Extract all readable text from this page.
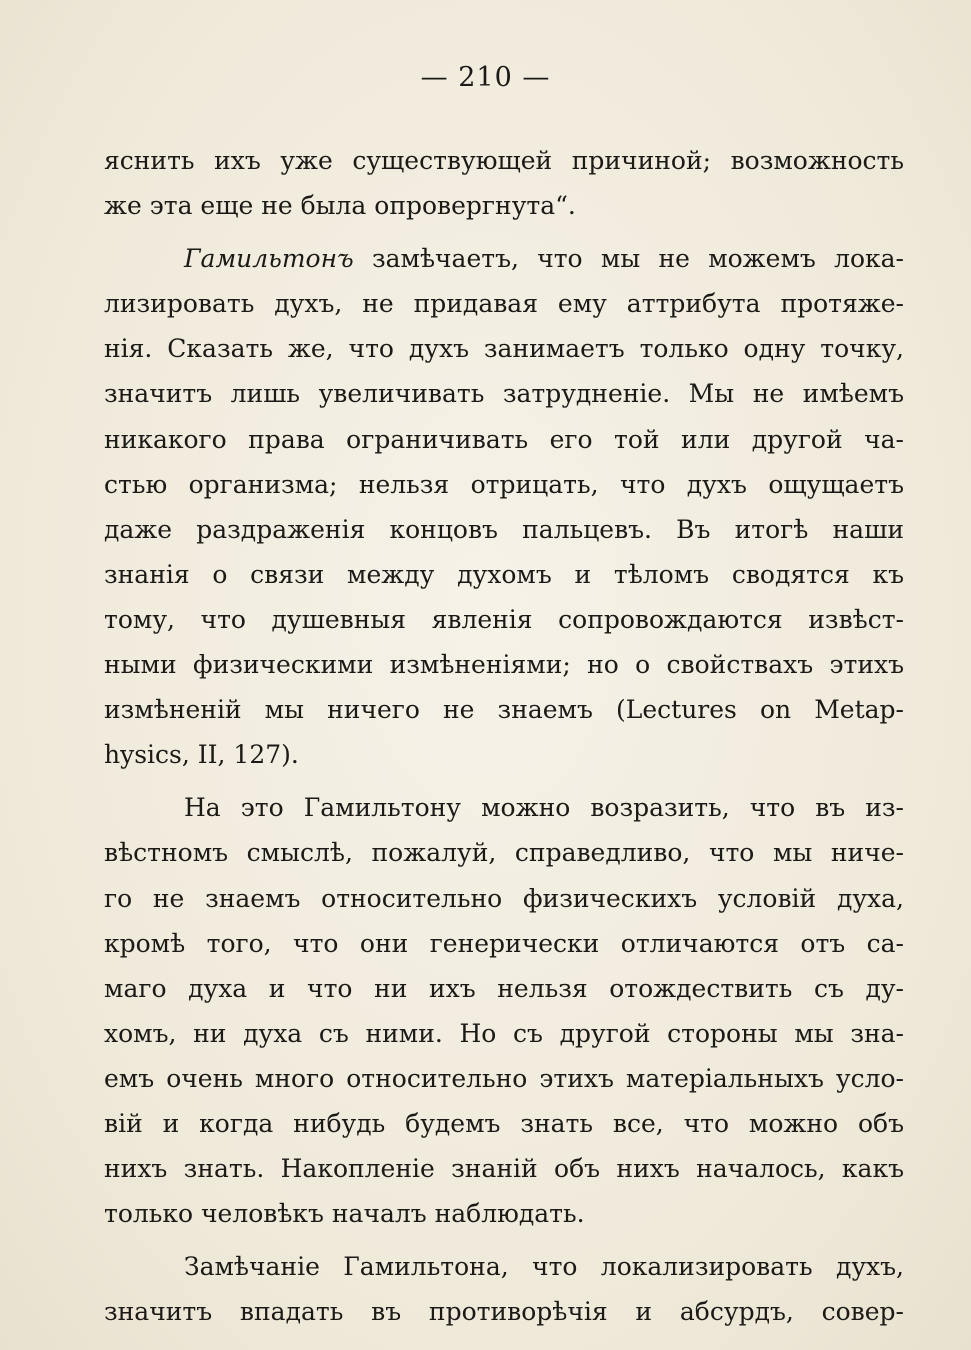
— 210 —
яснить ихъ уже существующей причиной; возможность
же эта еще не была опровергнута“.
Гамильтонъ замѣчаетъ, что мы не можемъ лока-
лизировать духъ, не придавая ему аттрибута протяже-
нія. Сказать же, что духъ занимаетъ только одну точку,
значитъ лишь увеличивать затрудненіе. Мы не имѣемъ
никакого права ограничивать его той или другой ча-
стью организма; нельзя отрицать, что духъ ощущаетъ
даже раздраженія концовъ пальцевъ. Въ итогѣ наши
знанія о связи между духомъ и тѣломъ сводятся къ
тому, что душевныя явленія сопровождаются извѣст-
ными физическими измѣненіями; но о свойствахъ этихъ
измѣненій мы ничего не знаемъ (Lectures on Metap-
hysics, II, 127).
На это Гамильтону можно возразить, что въ из-
вѣстномъ смыслѣ, пожалуй, справедливо, что мы ниче-
го не знаемъ относительно физическихъ условій духа,
кромѣ того, что они генерически отличаются отъ са-
маго духа и что ни ихъ нельзя отождествить съ ду-
хомъ, ни духа съ ними. Но съ другой стороны мы зна-
емъ очень много относительно этихъ матеріальныхъ усло-
вій и когда нибудь будемъ знать все, что можно объ
нихъ знать. Накопленіе знаній объ нихъ началось, какъ
только человѣкъ началъ наблюдать.
Замѣчаніе Гамильтона, что локализировать духъ,
значитъ впадать въ противорѣчія и абсурдъ, совер-
